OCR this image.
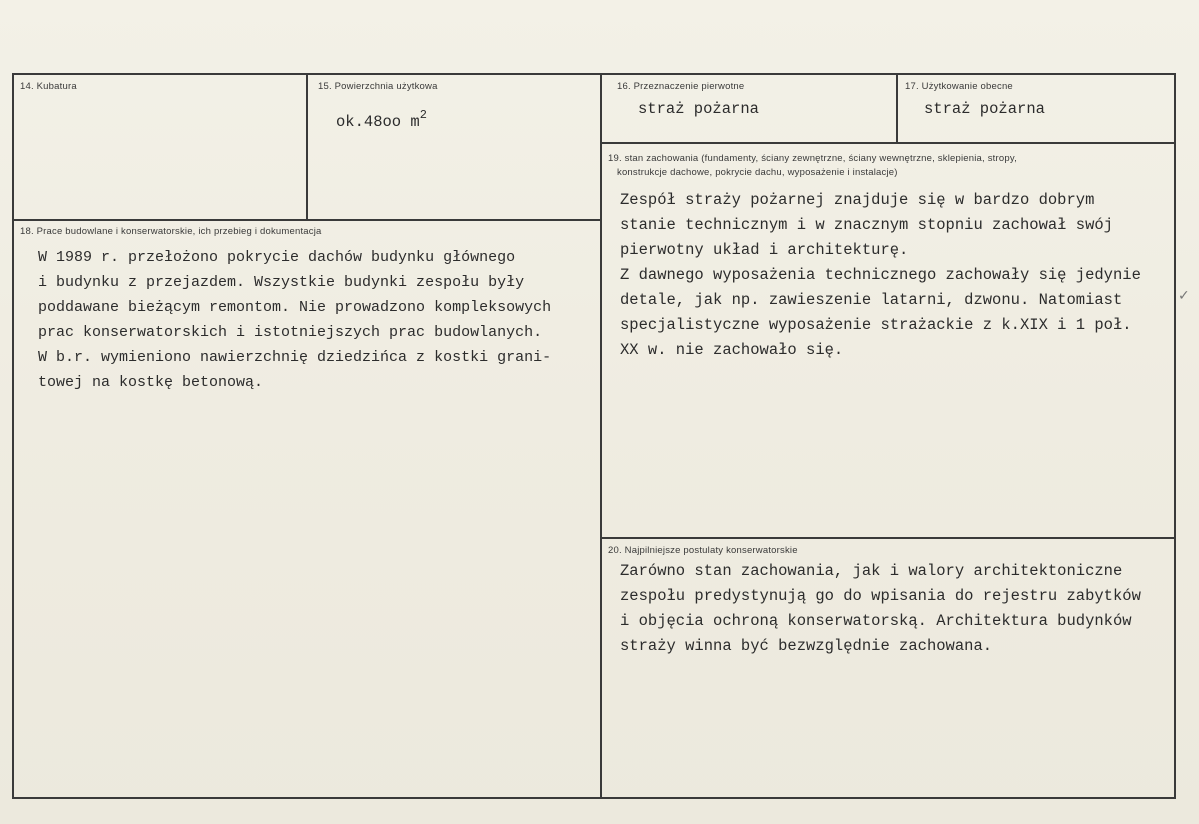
14. Kubatura	15. Powierzchnia użytkowa
ok.48oo $m^2$
16. Przeznaczenie pierwotne
straż pożarna
17. Użytkowanie obecne
straż pożarna
19. stan zachowania (fundamenty, ściany zewnętrzne, ściany wewnętrzne, sklepienia, stropy,
konstrukcje dachowe, pokrycie dachu, wyposażenie i instalacje)
Zespół straży pożarnej znajduje się w bardzo dobrym
stanie technicznym i w znacznym stopniu zachował swój
pierwotny układ i architekturę.
Z dawnego wyposażenia technicznego zachowały się jedynie
detale, jak np. zawieszenie latarni, dzwonu. Natomiast
specjalistyczne wyposażenie strażackie z k.XIX i 1 poł.
XX w. nie zachowało się.
✓
18. Prace budowlane i konserwatorskie, ich przebieg i dokumentacja
W 1989 r. przełożono pokrycie dachów budynku głównego
i budynku z przejazdem. Wszystkie budynki zespołu były
poddawane bieżącym remontom. Nie prowadzono kompleksowych
prac konserwatorskich i istotniejszych prac budowlanych.
W b.r. wymieniono nawierzchnię dziedzińca z kostki grani-
towej na kostkę betonową.
20. Najpilniejsze postulaty konserwatorskie
Zarówno stan zachowania, jak i walory architektoniczne
zespołu predystynują go do wpisania do rejestru zabytków
i objęcia ochroną konserwatorską. Architektura budynków
straży winna być bezwzględnie zachowana.
